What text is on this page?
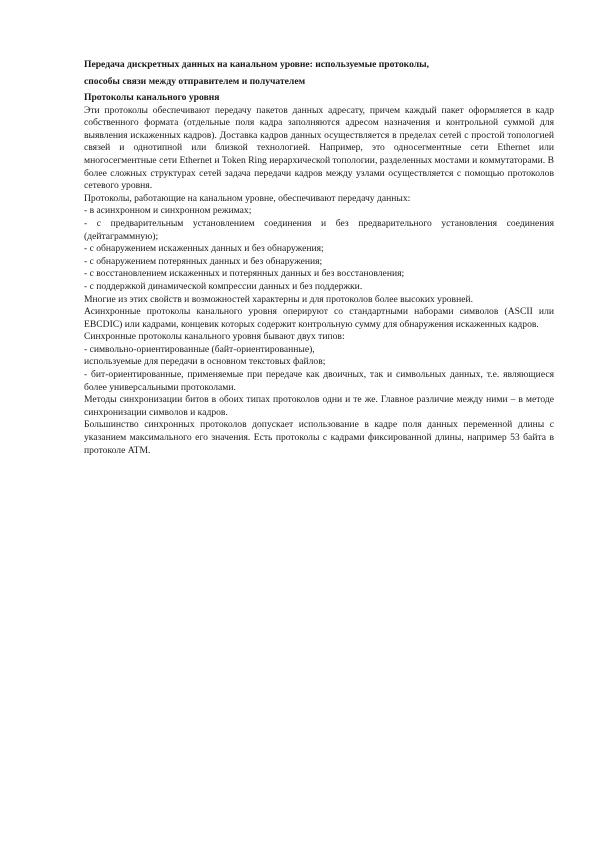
Передача дискретных данных на канальном уровне: используемые протоколы,
способы связи между отправителем и получателем
Протоколы канального уровня

Эти протоколы обеспечивают передачу пакетов данных адресату, причем каждый пакет оформляется в кадр собственного формата (отдельные поля кадра заполняются адресом назначения и контрольной суммой для выявления искаженных кадров). Доставка кадров данных осуществляется в пределах сетей с простой топологией связей и однотипной или близкой технологией. Например, это односегментные сети Ethernet или многосегментные сети Ethernet и Token Ring иерархической топологии, разделенных мостами и коммутаторами. В более сложных структурах сетей задача передачи кадров между узлами осуществляется с помощью протоколов сетевого уровня.

Протоколы, работающие на канальном уровне, обеспечивают передачу данных:

- в асинхронном и синхронном режимах;
- с предварительным установлением соединения и без предварительного установления соединения (дейтаграммную);
- с обнаружением искаженных данных и без обнаружения;
- с обнаружением потерянных данных и без обнаружения;
- с восстановлением искаженных и потерянных данных и без восстановления;
- с поддержкой динамической компрессии данных и без поддержки.

Многие из этих свойств и возможностей характерны и для протоколов более высоких уровней.

Асинхронные протоколы канального уровня оперируют со стандартными наборами символов (ASCII или EBCDIC) или кадрами, концевик которых содержит контрольную сумму для обнаружения искаженных кадров.

Синхронные протоколы канального уровня бывают двух типов:

- символьно-ориентированные (байт-ориентированные),
используемые для передачи в основном текстовых файлов;
- бит-ориентированные, применяемые при передаче как двоичных, так и символьных данных, т.е. являющиеся более универсальными протоколами.

Методы синхронизации битов в обоих типах протоколов одни и те же. Главное различие между ними – в методе синхронизации символов и кадров.

Большинство синхронных протоколов допускает использование в кадре поля данных переменной длины с указанием максимального его значения. Есть протоколы с кадрами фиксированной длины, например 53 байта в протоколе ATM.
